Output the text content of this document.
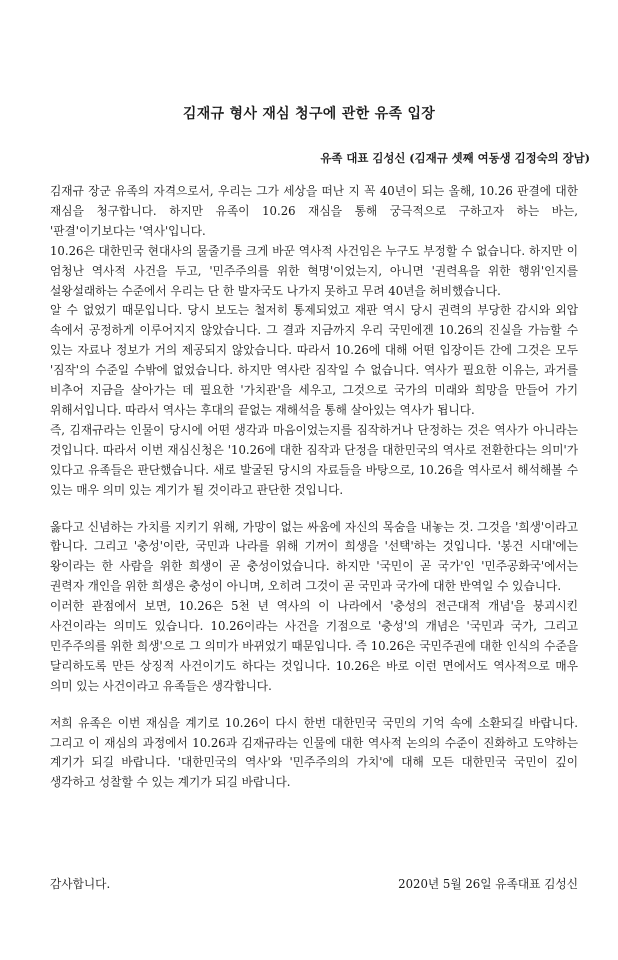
김재규 형사 재심 청구에 관한 유족 입장
유족 대표 김성신 (김재규 셋째 여동생 김정숙의 장남)

김재규 장군 유족의 자격으로서, 우리는 그가 세상을 떠난 지 꼭 40년이 되는 올해, 10.26 판결에 대한 재심을 청구합니다. 하지만 유족이 10.26 재심을 통해 궁극적으로 구하고자 하는 바는, '판결'이기보다는 '역사'입니다.

10.26은 대한민국 현대사의 물줄기를 크게 바꾼 역사적 사건임은 누구도 부정할 수 없습니다. 하지만 이 엄청난 역사적 사건을 두고, '민주주의를 위한 혁명'이었는지, 아니면 '권력욕을 위한 행위'인지를 설왕설래하는 수준에서 우리는 단 한 발자국도 나가지 못하고 무려 40년을 허비했습니다.

알 수 없었기 때문입니다. 당시 보도는 철저히 통제되었고 재판 역시 당시 권력의 부당한 감시와 외압 속에서 공정하게 이루어지지 않았습니다. 그 결과 지금까지 우리 국민에겐 10.26의 진실을 가늠할 수 있는 자료나 정보가 거의 제공되지 않았습니다. 따라서 10.26에 대해 어떤 입장이든 간에 그것은 모두 '짐작'의 수준일 수밖에 없었습니다. 하지만 역사란 짐작일 수 없습니다. 역사가 필요한 이유는, 과거를 비추어 지금을 살아가는 데 필요한 '가치관'을 세우고, 그것으로 국가의 미래와 희망을 만들어 가기 위해서입니다. 따라서 역사는 후대의 끝없는 재해석을 통해 살아있는 역사가 됩니다.

즉, 김재규라는 인물이 당시에 어떤 생각과 마음이었는지를 짐작하거나 단정하는 것은 역사가 아니라는 것입니다. 따라서 이번 재심신청은 '10.26에 대한 짐작과 단정을 대한민국의 역사로 전환한다는 의미'가 있다고 유족들은 판단했습니다. 새로 발굴된 당시의 자료들을 바탕으로, 10.26을 역사로서 해석해볼 수 있는 매우 의미 있는 계기가 될 것이라고 판단한 것입니다.

옳다고 신념하는 가치를 지키기 위해, 가망이 없는 싸움에 자신의 목숨을 내놓는 것. 그것을 '희생'이라고 합니다. 그리고 '충성'이란, 국민과 나라를 위해 기꺼이 희생을 '선택'하는 것입니다. '봉건 시대'에는 왕이라는 한 사람을 위한 희생이 곧 충성이었습니다. 하지만 '국민이 곧 국가'인 '민주공화국'에서는 권력자 개인을 위한 희생은 충성이 아니며, 오히려 그것이 곧 국민과 국가에 대한 반역일 수 있습니다.

이러한 관점에서 보면, 10.26은 5천 년 역사의 이 나라에서 '충성의 전근대적 개념'을 붕괴시킨 사건이라는 의미도 있습니다. 10.26이라는 사건을 기점으로 '충성'의 개념은 '국민과 국가, 그리고 민주주의를 위한 희생'으로 그 의미가 바뀌었기 때문입니다. 즉 10.26은 국민주권에 대한 인식의 수준을 달리하도록 만든 상징적 사건이기도 하다는 것입니다. 10.26은 바로 이런 면에서도 역사적으로 매우 의미 있는 사건이라고 유족들은 생각합니다.

저희 유족은 이번 재심을 계기로 10.26이 다시 한번 대한민국 국민의 기억 속에 소환되길 바랍니다. 그리고 이 재심의 과정에서 10.26과 김재규라는 인물에 대한 역사적 논의의 수준이 진화하고 도약하는 계기가 되길 바랍니다. '대한민국의 역사'와 '민주주의의 가치'에 대해 모든 대한민국 국민이 깊이 생각하고 성찰할 수 있는 계기가 되길 바랍니다.

감사합니다.	2020년 5월 26일 유족대표 김성신
